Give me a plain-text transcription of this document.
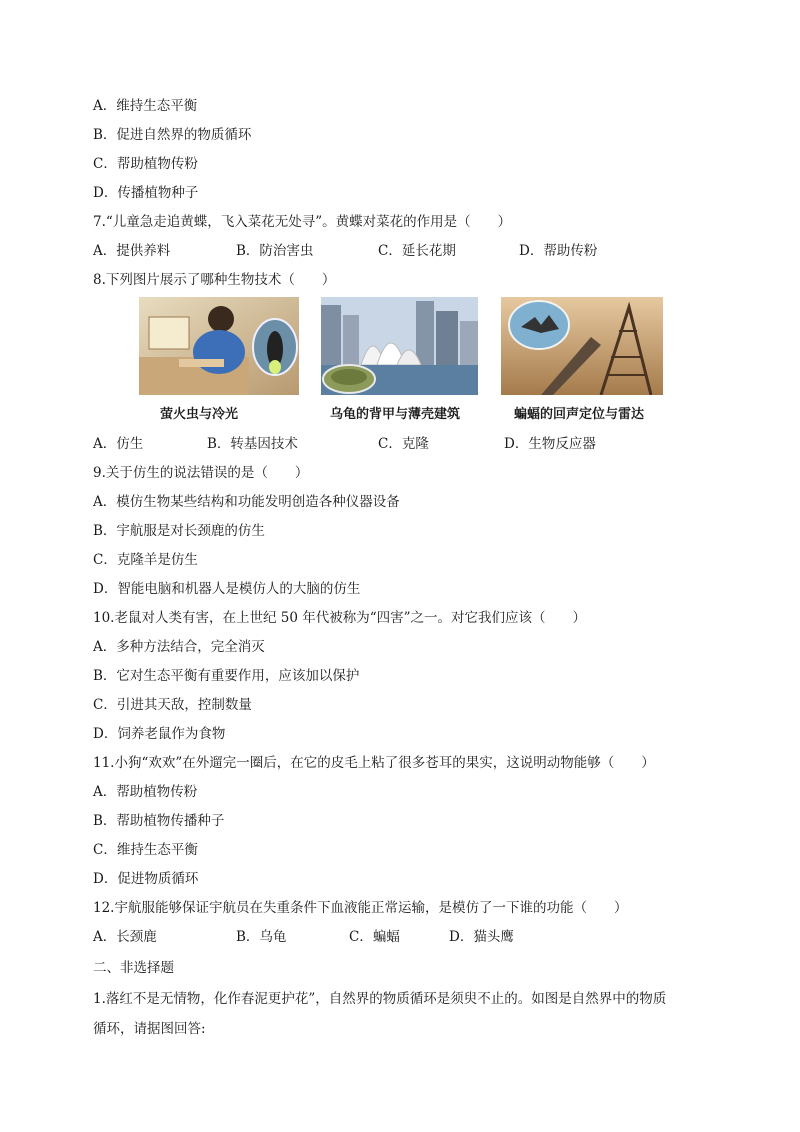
A．维持生态平衡
B．促进自然界的物质循环
C．帮助植物传粉
D．传播植物种子
7.“儿童急走追黄蝶，飞入菜花无处寻”。黄蝶对菜花的作用是（　　）
A．提供养料	B．防治害虫	C．延长花期	D．帮助传粉
8.下列图片展示了哪种生物技术（　　）
萤火虫与冷光	乌龟的背甲与薄壳建筑	蝙蝠的回声定位与雷达
A．仿生	B．转基因技术	C．克隆	D．生物反应器
9.关于仿生的说法错误的是（　　）
A．模仿生物某些结构和功能发明创造各种仪器设备
B．宇航服是对长颈鹿的仿生
C．克隆羊是仿生
D．智能电脑和机器人是模仿人的大脑的仿生
10.老鼠对人类有害，在上世纪 50 年代被称为“四害”之一。对它我们应该（　　）
A．多种方法结合，完全消灭
B．它对生态平衡有重要作用，应该加以保护
C．引进其天敌，控制数量
D．饲养老鼠作为食物
11.小狗“欢欢”在外遛完一圈后，在它的皮毛上粘了很多苍耳的果实，这说明动物能够（　　）
A．帮助植物传粉
B．帮助植物传播种子
C．维持生态平衡
D．促进物质循环
12.宇航服能够保证宇航员在失重条件下血液能正常运输，是模仿了一下谁的功能（　　）
A．长颈鹿	B．乌龟	C．蝙蝠	D．猫头鹰
二、非选择题
1.落红不是无情物，化作春泥更护花”，自然界的物质循环是须臾不止的。如图是自然界中的物质
循环，请据图回答:
